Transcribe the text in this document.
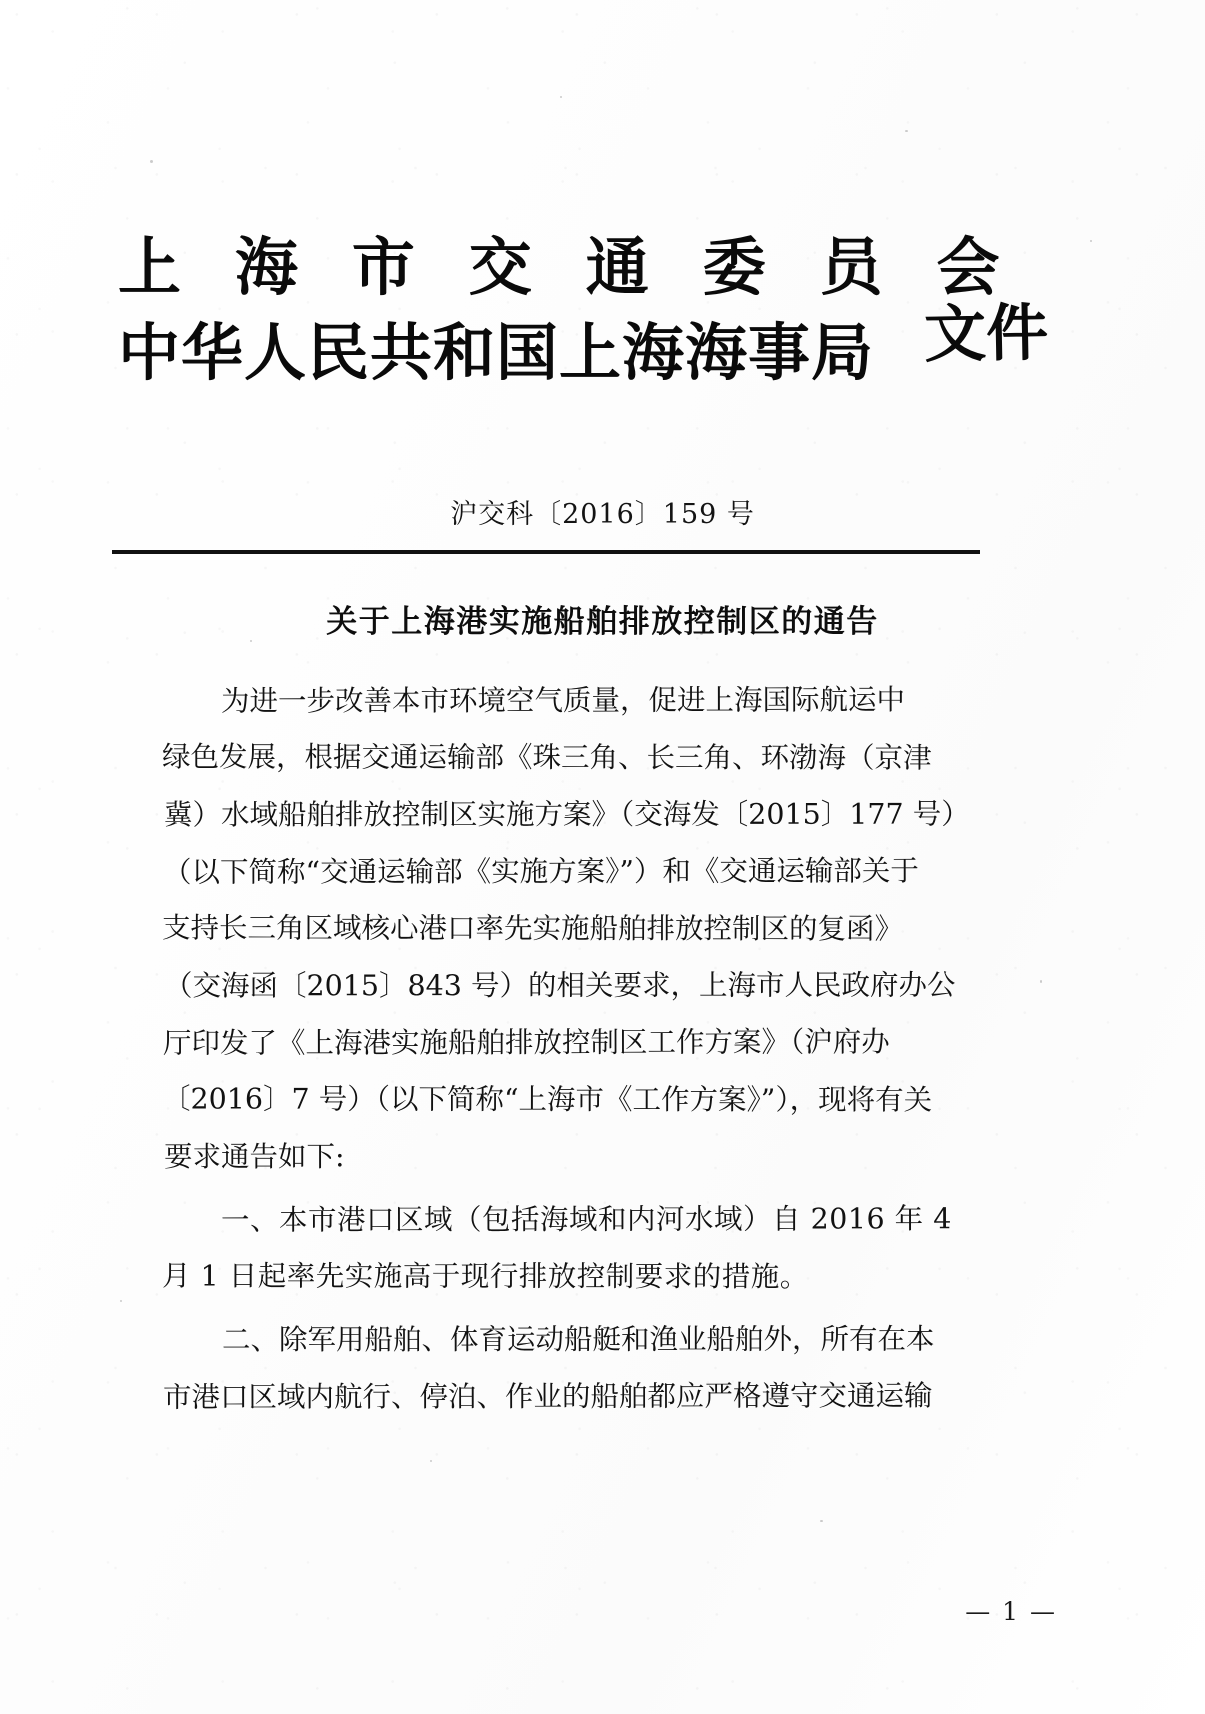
上 海 市 交 通 委 员 会
中华人民共和国上海海事局 文件
沪交科〔2016〕159 号
关于上海港实施船舶排放控制区的通告
为进一步改善本市环境空气质量，促进上海国际航运中
绿色发展，根据交通运输部《珠三角、长三角、环渤海（京津
冀）水域船舶排放控制区实施方案》（交海发〔2015〕177 号）
（以下简称“交通运输部《实施方案》”）和《交通运输部关于
支持长三角区域核心港口率先实施船舶排放控制区的复函》
（交海函〔2015〕843 号）的相关要求，上海市人民政府办公
厅印发了《上海港实施船舶排放控制区工作方案》（沪府办
〔2016〕7 号）（以下简称“上海市《工作方案》”），现将有关
要求通告如下:
一、本市港口区域（包括海域和内河水域）自 2016 年 4
月 1 日起率先实施高于现行排放控制要求的措施。
二、除军用船舶、体育运动船艇和渔业船舶外，所有在本
市港口区域内航行、停泊、作业的船舶都应严格遵守交通运输
— 1 —
